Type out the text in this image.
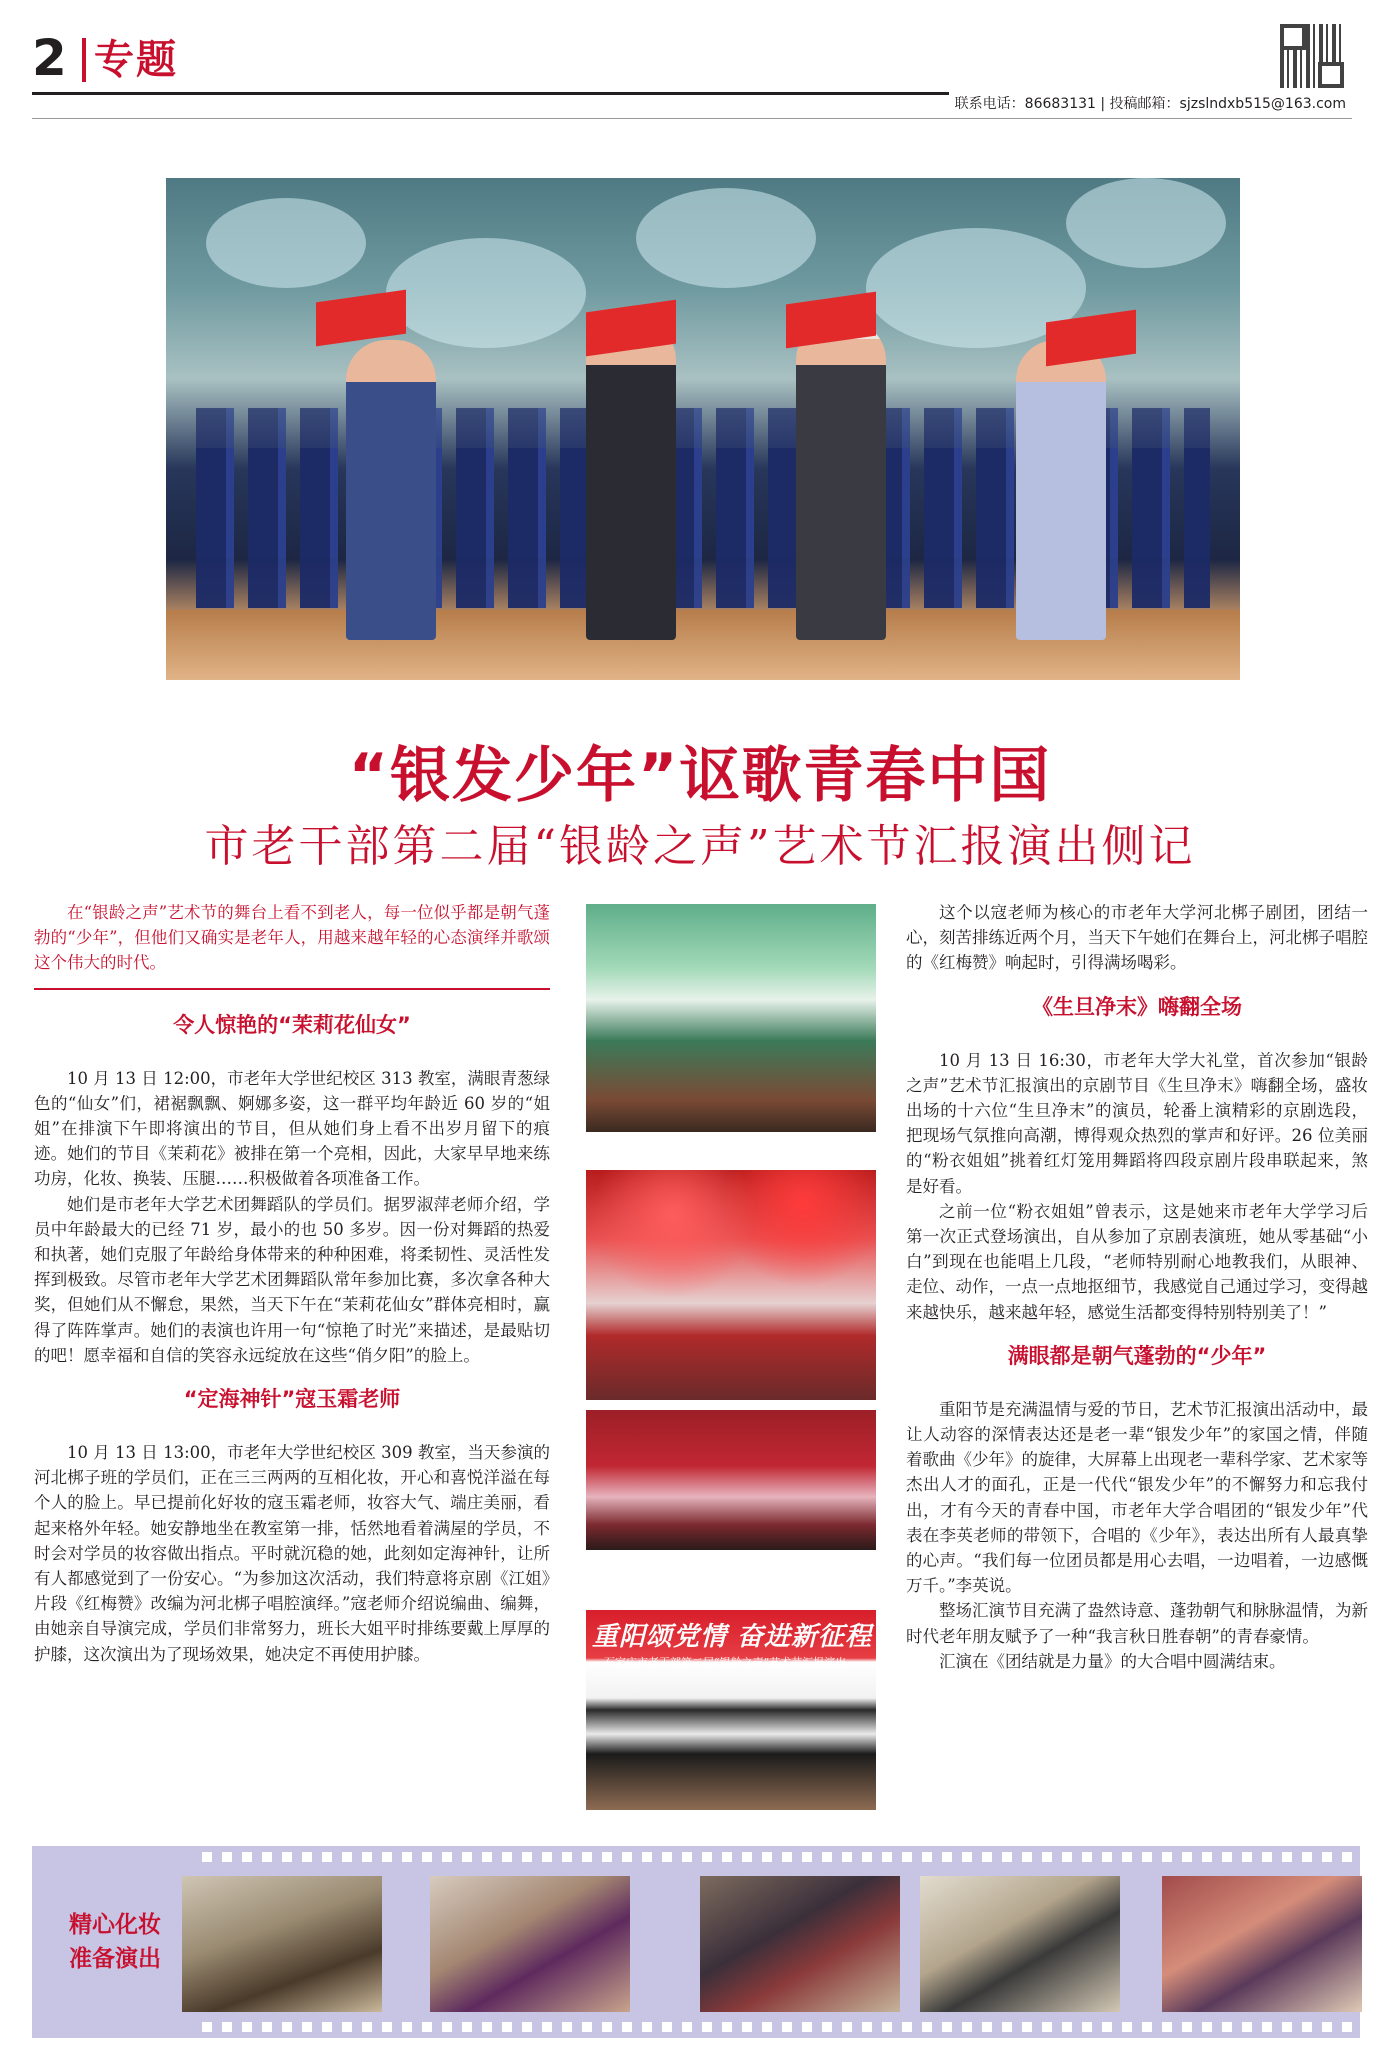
2 专题
联系电话：86683131 | 投稿邮箱：sjzslndxb515@163.com
“银发少年”讴歌青春中国
市老干部第二届“银龄之声”艺术节汇报演出侧记

在“银龄之声”艺术节的舞台上看不到老人，每一位似乎都是朝气蓬勃的“少年”，但他们又确实是老年人，用越来越年轻的心态演绎并歌颂这个伟大的时代。

令人惊艳的“茉莉花仙女”

10 月 13 日 12:00，市老年大学世纪校区 313 教室，满眼青葱绿色的“仙女”们，裙裾飘飘、婀娜多姿，这一群平均年龄近 60 岁的“姐姐”在排演下午即将演出的节目，但从她们身上看不出岁月留下的痕迹。她们的节目《茉莉花》被排在第一个亮相，因此，大家早早地来练功房，化妆、换装、压腿……积极做着各项准备工作。

她们是市老年大学艺术团舞蹈队的学员们。据罗淑萍老师介绍，学员中年龄最大的已经 71 岁，最小的也 50 多岁。因一份对舞蹈的热爱和执著，她们克服了年龄给身体带来的种种困难，将柔韧性、灵活性发挥到极致。尽管市老年大学艺术团舞蹈队常年参加比赛，多次拿各种大奖，但她们从不懈怠，果然，当天下午在“茉莉花仙女”群体亮相时，赢得了阵阵掌声。她们的表演也许用一句“惊艳了时光”来描述，是最贴切的吧！愿幸福和自信的笑容永远绽放在这些“俏夕阳”的脸上。

“定海神针”寇玉霜老师

10 月 13 日 13:00，市老年大学世纪校区 309 教室，当天参演的河北梆子班的学员们，正在三三两两的互相化妆，开心和喜悦洋溢在每个人的脸上。早已提前化好妆的寇玉霜老师，妆容大气、端庄美丽，看起来格外年轻。她安静地坐在教室第一排，恬然地看着满屋的学员，不时会对学员的妆容做出指点。平时就沉稳的她，此刻如定海神针，让所有人都感觉到了一份安心。“为参加这次活动，我们特意将京剧《江姐》片段《红梅赞》改编为河北梆子唱腔演绎。”寇老师介绍说编曲、编舞，由她亲自导演完成，学员们非常努力，班长大姐平时排练要戴上厚厚的护膝，这次演出为了现场效果，她决定不再使用护膝。

重阳颂党情 奋进新征程
石家庄市老干部第二届“银龄之声”艺术节汇报演出

这个以寇老师为核心的市老年大学河北梆子剧团，团结一心，刻苦排练近两个月，当天下午她们在舞台上，河北梆子唱腔的《红梅赞》响起时，引得满场喝彩。

《生旦净末》嗨翻全场

10 月 13 日 16:30，市老年大学大礼堂，首次参加“银龄之声”艺术节汇报演出的京剧节目《生旦净末》嗨翻全场，盛妆出场的十六位“生旦净末”的演员，轮番上演精彩的京剧选段，把现场气氛推向高潮，博得观众热烈的掌声和好评。26 位美丽的“粉衣姐姐”挑着红灯笼用舞蹈将四段京剧片段串联起来，煞是好看。

之前一位“粉衣姐姐”曾表示，这是她来市老年大学学习后第一次正式登场演出，自从参加了京剧表演班，她从零基础“小白”到现在也能唱上几段，“老师特别耐心地教我们，从眼神、走位、动作，一点一点地抠细节，我感觉自己通过学习，变得越来越快乐，越来越年轻，感觉生活都变得特别特别美了！”

满眼都是朝气蓬勃的“少年”

重阳节是充满温情与爱的节日，艺术节汇报演出活动中，最让人动容的深情表达还是老一辈“银发少年”的家国之情，伴随着歌曲《少年》的旋律，大屏幕上出现老一辈科学家、艺术家等杰出人才的面孔，正是一代代“银发少年”的不懈努力和忘我付出，才有今天的青春中国，市老年大学合唱团的“银发少年”代表在李英老师的带领下，合唱的《少年》，表达出所有人最真挚的心声。“我们每一位团员都是用心去唱，一边唱着，一边感慨万千。”李英说。

整场汇演节目充满了盎然诗意、蓬勃朝气和脉脉温情，为新时代老年朋友赋予了一种“我言秋日胜春朝”的青春豪情。

汇演在《团结就是力量》的大合唱中圆满结束。

精心化妆
准备演出
